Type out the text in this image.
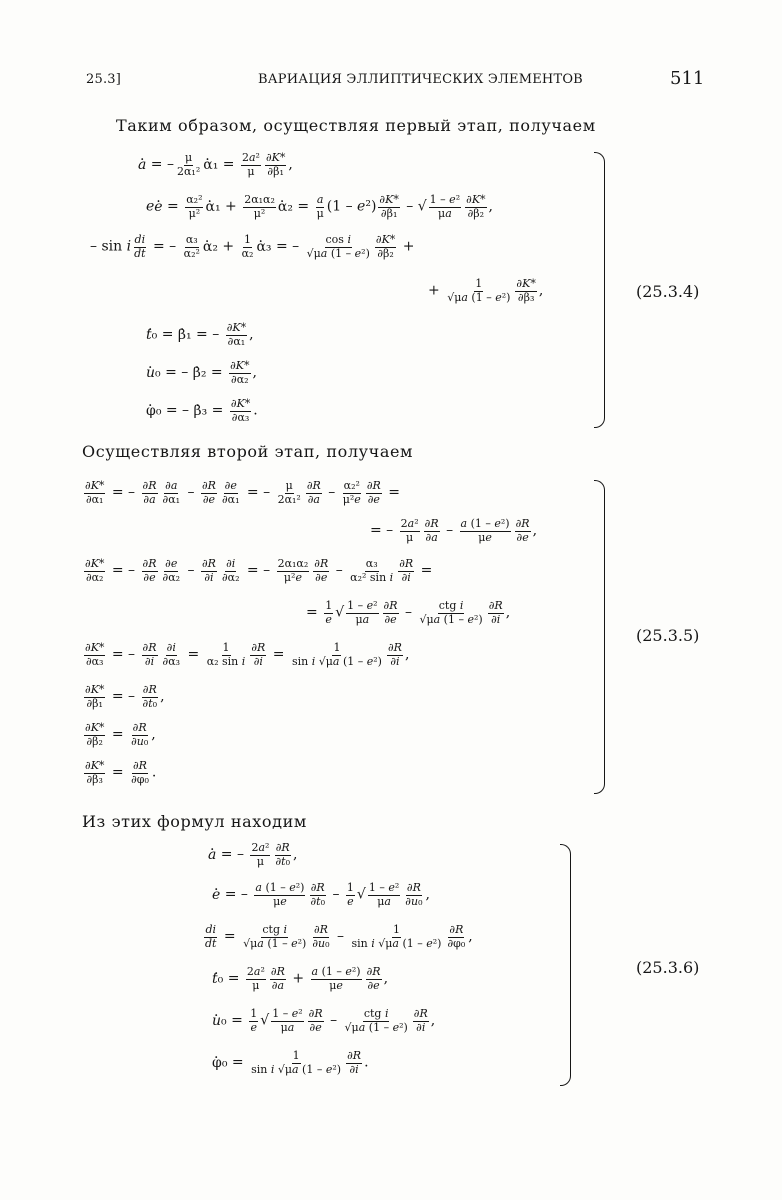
25.3]	ВАРИАЦИЯ ЭЛЛИПТИЧЕСКИХ ЭЛЕМЕНТОВ	511
Таким образом, осуществляя первый этап, получаем
. a = – $\frac{\mu}{\text{2α₁²}}$ . $\alpha_1 = \frac{\text{2a²}}{\mu} \frac{\partial K*}{\text{∂β₁}}$ ,
e. $e = \frac{\text{α₂²}}{\text{μ²}}$ . $\alpha_1 + \frac{\text{2α₁α₂}}{\text{μ²}}$ . $\alpha_2 = \frac{a}{\mu} (1 - e^2) \frac{\partial K*}{\text{∂β₁}}$ – √ $\frac{\text{1 – e²}}{\mu a} \frac{\partial K*}{\text{∂β₂}}$ ,
– sin i $\frac{di}{dt}$ = – $\frac{\text{α₃}}{\text{α₂²}}$ . $\alpha_2 + \frac{1}{\text{α₂}}$ . α₃ = – $\frac{\text{cos i}}{\text{√μa (1 – e²)}} \frac{\partial K*}{\text{∂β₂}}$ +
+ $\frac{1}{\text{√μa (1 – e²)}} \frac{\partial K*}{\text{∂β₃}}$ ,
. t₀ = . β₁ = – $\frac{\partial K*}{\text{∂α₁}}$ ,
. u₀ = – . $\beta_2 = \frac{\partial K*}{\text{∂α₂}}$ ,
. φ₀ = – . $\beta_3 = \frac{\partial K*}{\text{∂α₃}}$ .
(25.3.4)
Осуществляя второй этап, получаем
$\frac{\partial K*}{\text{∂α₁}}$ = – $\frac{\partial R}{\partial a} \frac{\partial a}{\text{∂α₁}} - \frac{\partial R}{\partial e} \frac{\partial e}{\text{∂α₁}}$ = – $\frac{\mu}{\text{2α₁²}} \frac{\partial R}{\partial a} - \frac{\text{α₂²}}{\text{μ²e}} \frac{\partial R}{\partial e}$ =
= – $\frac{\text{2a²}}{\mu} \frac{\partial R}{\partial a} - \frac{\text{a (1 – e²)}}{\mu e} \frac{\partial R}{\partial e}$ ,
$\frac{\partial K*}{\text{∂α₂}}$ = – $\frac{\partial R}{\partial e} \frac{\partial e}{\text{∂α₂}} - \frac{\partial R}{\partial i} \frac{\partial i}{\text{∂α₂}}$ = – $\frac{\text{2α₁α₂}}{\text{μ²e}} \frac{\partial R}{\partial e} - \frac{\text{α₃}}{\text{α₂² sin i}} \frac{\partial R}{\partial i}$ =
= $\frac{1}{e}$ √ $\frac{\text{1 – e²}}{\mu a} \frac{\partial R}{\partial e}$ – ctg i
√μa $(1 - e^2) \frac{\partial R}{\partial i}$ ,
$\frac{\partial K*}{\text{∂α₃}}$ = – $\frac{\partial R}{\partial i} \frac{\partial i}{\text{∂α₃}} = \frac{1}{\text{α₂ sin i}} \frac{\partial R}{\partial i} = \frac{1}{\text{sin i √μa (1 – e²)}} \frac{\partial R}{\partial i}$ ,
$\frac{\partial K*}{\text{∂β₁}}$ = – $\frac{\partial R}{\text{∂t₀}}$ ,
$\frac{\partial K*}{\text{∂β₂}} = \frac{\partial R}{\text{∂u₀}}$ ,
$\frac{\partial K*}{\text{∂β₃}} = \frac{\partial R}{\text{∂φ₀}}$ .
(25.3.5)
Из этих формул находим
. a = – $\frac{\text{2a²}}{\mu} \frac{\partial R}{\text{∂t₀}}$ ,
. e = – $\frac{\text{a (1 – e²)}}{\mu e} \frac{\partial R}{\text{∂t₀}} - \frac{1}{e}$ √ $\frac{\text{1 – e²}}{\mu a} \frac{\partial R}{\text{∂u₀}}$ ,
$\frac{di}{dt}$ = ctg i
√μa $(1 - e^2) \frac{\partial R}{\text{∂u₀}} - \frac{1}{\text{sin i √μa (1 – e²)}} \frac{\partial R}{\text{∂φ₀}}$ ,
. $t_0 = \frac{\text{2a²}}{\mu} \frac{\partial R}{\partial a} + \frac{\text{a (1 – e²)}}{\mu e} \frac{\partial R}{\partial e}$ ,
. $u_0 = \frac{1}{e}$ √ $\frac{\text{1 – e²}}{\mu a} \frac{\partial R}{\partial e}$ – ctg i
√μa $(1 - e^2) \frac{\partial R}{\partial i}$ ,
. $\varphi_0 = \frac{1}{\text{sin i √μa (1 – e²)}} \frac{\partial R}{\partial i}$ .
(25.3.6)
